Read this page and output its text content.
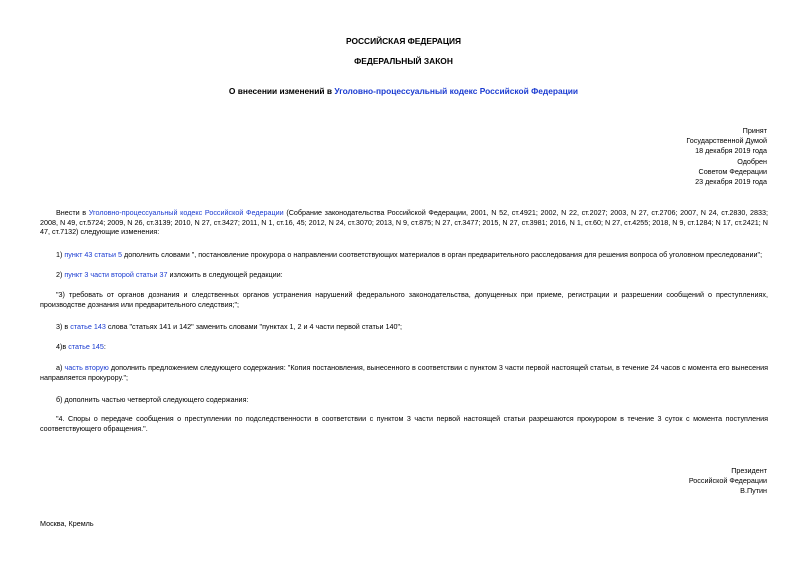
РОССИЙСКАЯ ФЕДЕРАЦИЯ
ФЕДЕРАЛЬНЫЙ ЗАКОН
О внесении изменений в Уголовно-процессуальный кодекс Российской Федерации
Принят
Государственной Думой
18 декабря 2019 года
Одобрен
Советом Федерации
23 декабря 2019 года
Внести в Уголовно-процессуальный кодекс Российской Федерации (Собрание законодательства Российской Федерации, 2001, N 52, ст.4921; 2002, N 22, ст.2027; 2003, N 27, ст.2706; 2007, N 24, ст.2830, 2833; 2008, N 49, ст.5724; 2009, N 26, ст.3139; 2010, N 27, ст.3427; 2011, N 1, ст.16, 45; 2012, N 24, ст.3070; 2013, N 9, ст.875; N 27, ст.3477; 2015, N 27, ст.3981; 2016, N 1, ст.60; N 27, ст.4255; 2018, N 9, ст.1284; N 17, ст.2421; N 47, ст.7132) следующие изменения:
1) пункт 43 статьи 5 дополнить словами ", постановление прокурора о направлении соответствующих материалов в орган предварительного расследования для решения вопроса об уголовном преследовании";
2) пункт 3 части второй статьи 37 изложить в следующей редакции:
"3) требовать от органов дознания и следственных органов устранения нарушений федерального законодательства, допущенных при приеме, регистрации и разрешении сообщений о преступлениях, производстве дознания или предварительного следствия;";
3) в статье 143 слова "статьях 141 и 142" заменить словами "пунктах 1, 2 и 4 части первой статьи 140";
4)в статье 145:
а) часть вторую дополнить предложением следующего содержания: "Копия постановления, вынесенного в соответствии с пунктом 3 части первой настоящей статьи, в течение 24 часов с момента его вынесения направляется прокурору.";
б) дополнить частью четвертой следующего содержания:
"4. Споры о передаче сообщения о преступлении по подследственности в соответствии с пунктом 3 части первой настоящей статьи разрешаются прокурором в течение 3 суток с момента поступления соответствующего обращения.".
Президент
Российской Федерации
В.Путин
Москва, Кремль
